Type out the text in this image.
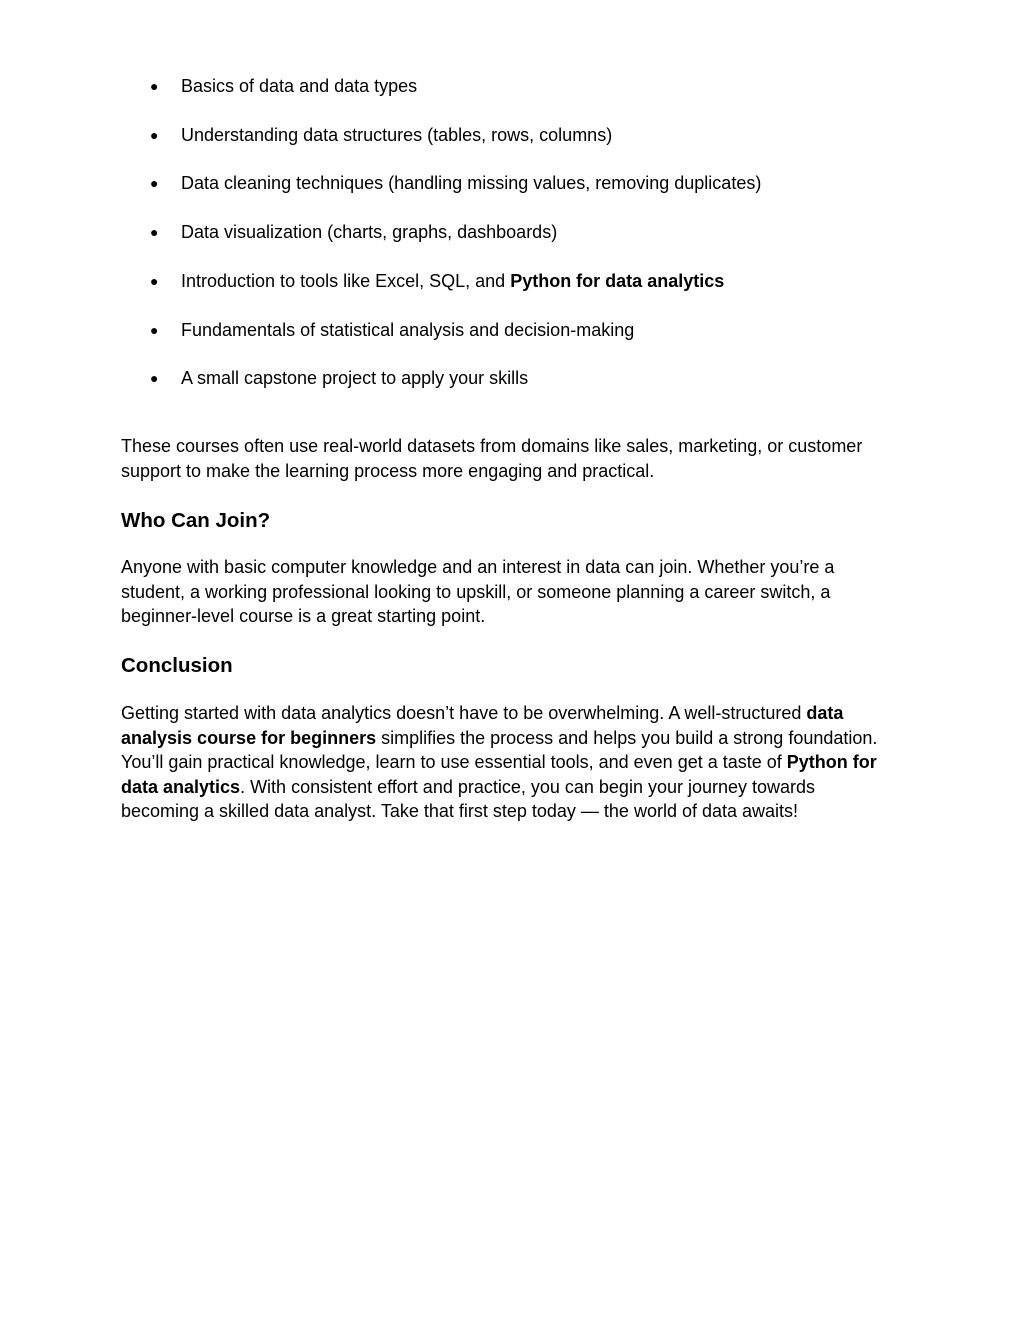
● Basics of data and data types
● Understanding data structures (tables, rows, columns)
● Data cleaning techniques (handling missing values, removing duplicates)
● Data visualization (charts, graphs, dashboards)
● Introduction to tools like Excel, SQL, and Python for data analytics
● Fundamentals of statistical analysis and decision-making
● A small capstone project to apply your skills
These courses often use real-world datasets from domains like sales, marketing, or customer
support to make the learning process more engaging and practical.
Who Can Join?
Anyone with basic computer knowledge and an interest in data can join. Whether you’re a
student, a working professional looking to upskill, or someone planning a career switch, a
beginner-level course is a great starting point.
Conclusion
Getting started with data analytics doesn’t have to be overwhelming. A well-structured data
analysis course for beginners simplifies the process and helps you build a strong foundation.
You’ll gain practical knowledge, learn to use essential tools, and even get a taste of Python for
data analytics. With consistent effort and practice, you can begin your journey towards
becoming a skilled data analyst. Take that first step today — the world of data awaits!
